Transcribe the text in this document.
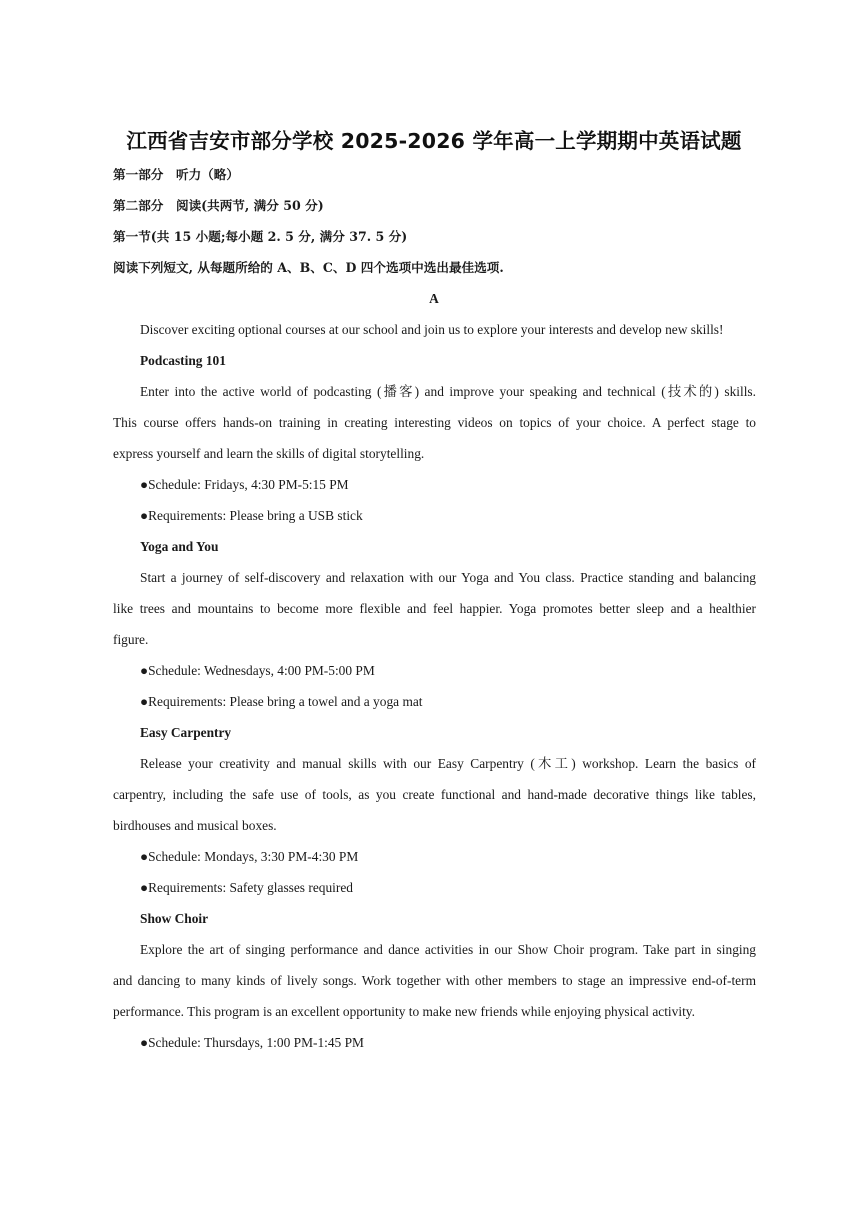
江西省吉安市部分学校 2025-2026 学年高一上学期期中英语试题
第一部分　听力（略）
第二部分　阅读(共两节, 满分 50 分)
第一节(共 15 小题;每小题 2. 5 分, 满分 37. 5 分)
阅读下列短文, 从每题所给的 A、B、C、D 四个选项中选出最佳选项.
A
Discover exciting optional courses at our school and join us to explore your interests and develop new skills!
Podcasting 101
Enter into the active world of podcasting (播客) and improve your speaking and technical (技术的) skills.
This course offers hands-on training in creating interesting videos on topics of your choice. A perfect stage to
express yourself and learn the skills of digital storytelling.
●Schedule: Fridays, 4:30 PM-5:15 PM
●Requirements: Please bring a USB stick
Yoga and You
Start a journey of self-discovery and relaxation with our Yoga and You class. Practice standing and balancing
like trees and mountains to become more flexible and feel happier. Yoga promotes better sleep and a healthier
figure.
●Schedule: Wednesdays, 4:00 PM-5:00 PM
●Requirements: Please bring a towel and a yoga mat
Easy Carpentry
Release your creativity and manual skills with our Easy Carpentry (木工) workshop. Learn the basics of
carpentry, including the safe use of tools, as you create functional and hand-made decorative things like tables,
birdhouses and musical boxes.
●Schedule: Mondays, 3:30 PM-4:30 PM
●Requirements: Safety glasses required
Show Choir
Explore the art of singing performance and dance activities in our Show Choir program. Take part in singing
and dancing to many kinds of lively songs. Work together with other members to stage an impressive end-of-term
performance. This program is an excellent opportunity to make new friends while enjoying physical activity.
●Schedule: Thursdays, 1:00 PM-1:45 PM
